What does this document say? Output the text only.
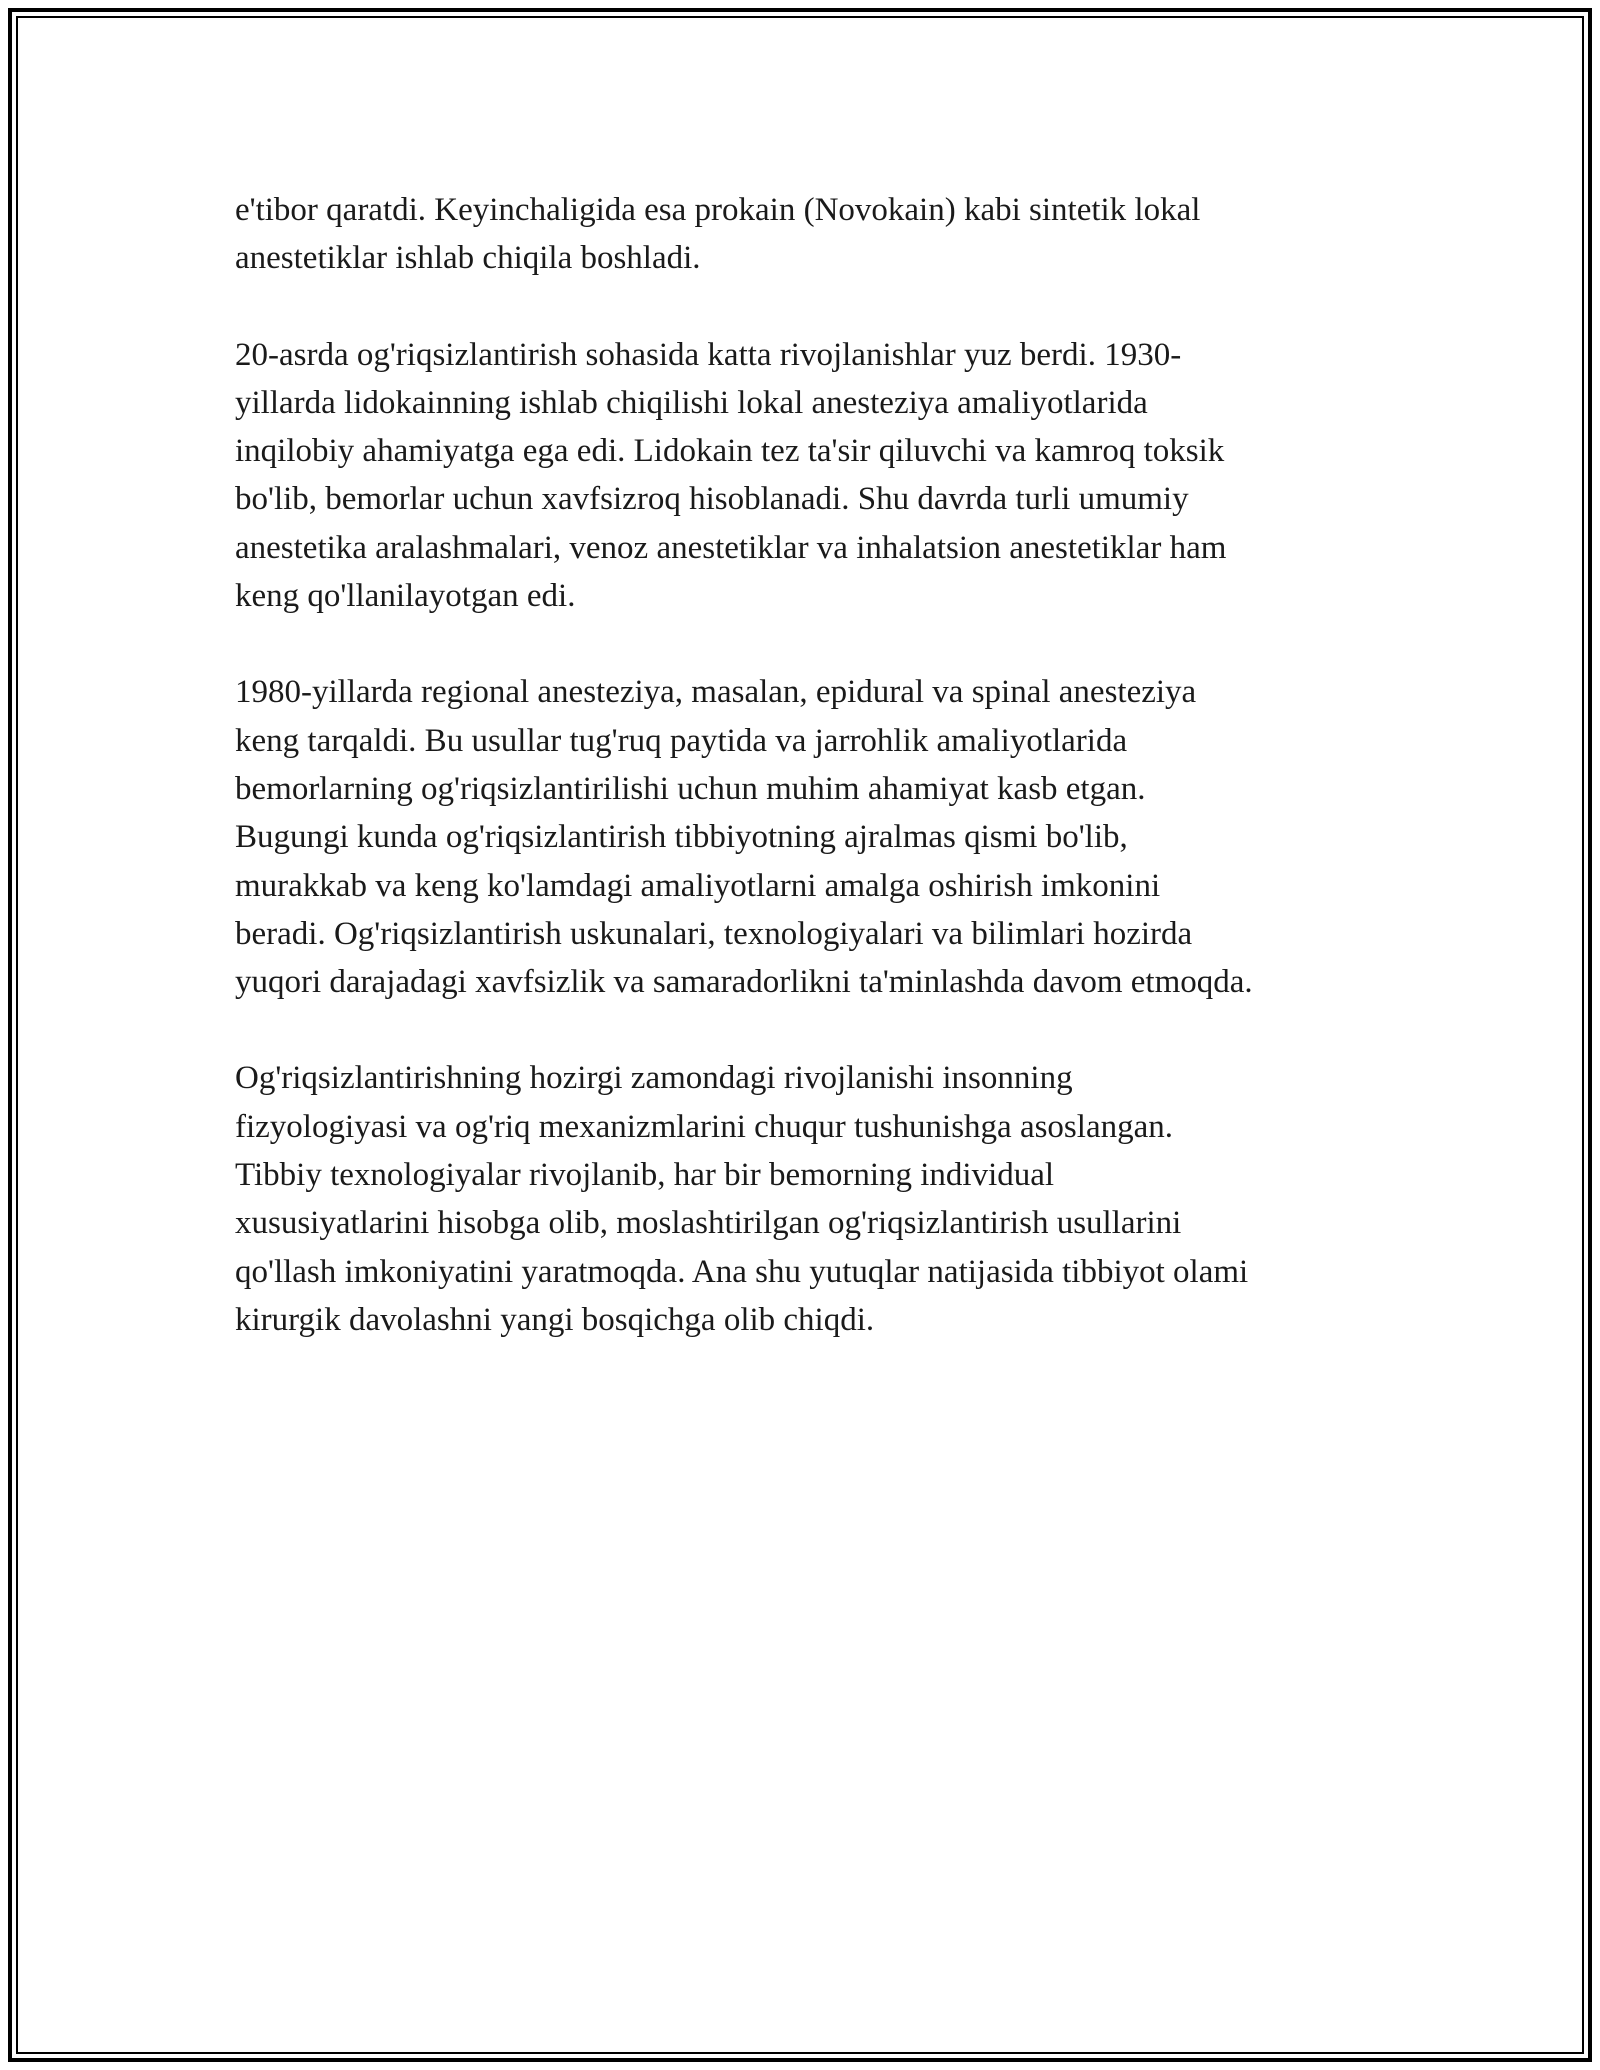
e'tibor qaratdi. Keyinchaligida esa prokain (Novokain) kabi sintetik lokal
anestetiklar ishlab chiqila boshladi.

20-asrda og'riqsizlantirish sohasida katta rivojlanishlar yuz berdi. 1930-
yillarda lidokainning ishlab chiqilishi lokal anesteziya amaliyotlarida
inqilobiy ahamiyatga ega edi. Lidokain tez ta'sir qiluvchi va kamroq toksik
bo'lib, bemorlar uchun xavfsizroq hisoblanadi. Shu davrda turli umumiy
anestetika aralashmalari, venoz anestetiklar va inhalatsion anestetiklar ham
keng qo'llanilayotgan edi.

1980-yillarda regional anesteziya, masalan, epidural va spinal anesteziya
keng tarqaldi. Bu usullar tug'ruq paytida va jarrohlik amaliyotlarida
bemorlarning og'riqsizlantirilishi uchun muhim ahamiyat kasb etgan.
Bugungi kunda og'riqsizlantirish tibbiyotning ajralmas qismi bo'lib,
murakkab va keng ko'lamdagi amaliyotlarni amalga oshirish imkonini
beradi. Og'riqsizlantirish uskunalari, texnologiyalari va bilimlari hozirda
yuqori darajadagi xavfsizlik va samaradorlikni ta'minlashda davom etmoqda.

Og'riqsizlantirishning hozirgi zamondagi rivojlanishi insonning
fizyologiyasi va og'riq mexanizmlarini chuqur tushunishga asoslangan.
Tibbiy texnologiyalar rivojlanib, har bir bemorning individual
xususiyatlarini hisobga olib, moslashtirilgan og'riqsizlantirish usullarini
qo'llash imkoniyatini yaratmoqda. Ana shu yutuqlar natijasida tibbiyot olami
kirurgik davolashni yangi bosqichga olib chiqdi.
